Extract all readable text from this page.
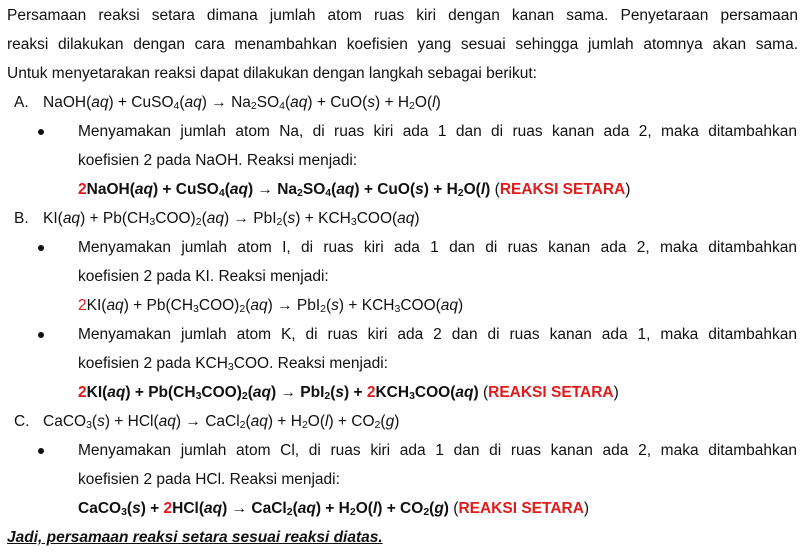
Persamaan reaksi setara dimana jumlah atom ruas kiri dengan kanan sama. Penyetaraan persamaan
reaksi dilakukan dengan cara menambahkan koefisien yang sesuai sehingga jumlah atomnya akan sama.
Untuk menyetarakan reaksi dapat dilakukan dengan langkah sebagai berikut:
A. NaOH(aq) + CuSO$_4$(aq) → $Na_2SO_4(aq) + CuO(s) + H_2O(l)$
Menyamakan jumlah atom Na, di ruas kiri ada 1 dan di ruas kanan ada 2, maka ditambahkan
koefisien 2 pada NaOH. Reaksi menjadi:
2NaOH(aq) + CuSO$_4$(aq) → $Na_2SO_4(aq) + CuO(s) + H_2O(l)$ (REAKSI SETARA)
B. $KI(aq) + Pb(CH_3COO)_2(aq) \to PbI_2(s) + KCH_3COO(aq)$
Menyamakan jumlah atom I, di ruas kiri ada 1 dan di ruas kanan ada 2, maka ditambahkan
koefisien 2 pada KI. Reaksi menjadi:
$2KI(aq) + Pb(CH_3COO)_2(aq) \to PbI_2(s) + KCH_3COO(aq)$
Menyamakan jumlah atom K, di ruas kiri ada 2 dan di ruas kanan ada 1, maka ditambahkan
koefisien 2 pada $KCH_3COO$. Reaksi menjadi:
$2KI(aq) + Pb(CH_3COO)_2(aq) \to PbI_2(s) + 2KCH_3COO(aq)$ (REAKSI SETARA)
C. CaCO$_3$(s) + HCl(aq) → CaCl$_2$(aq) + $H_2O(l) + CO_2(g)$
Menyamakan jumlah atom Cl, di ruas kiri ada 1 dan di ruas kanan ada 2, maka ditambahkan
koefisien 2 pada HCl. Reaksi menjadi:
CaCO$_3$(s) + 2HCl(aq) → CaCl$_2$(aq) + $H_2O(l) + CO_2(g)$ (REAKSI SETARA)
Jadi, persamaan reaksi setara sesuai reaksi diatas.
